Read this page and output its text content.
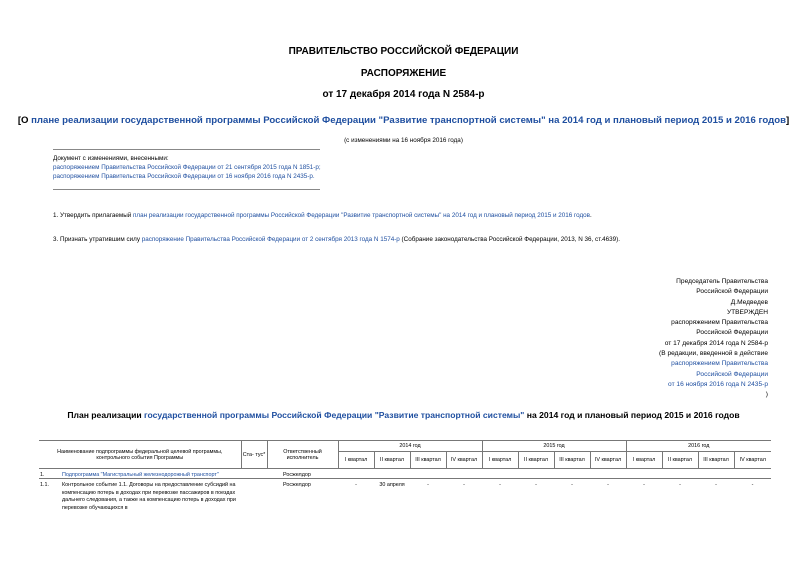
ПРАВИТЕЛЬСТВО РОССИЙСКОЙ ФЕДЕРАЦИИ
РАСПОРЯЖЕНИЕ
от 17 декабря 2014 года N 2584-р
[О плане реализации государственной программы Российской Федерации "Развитие транспортной системы" на 2014 год и плановый период 2015 и 2016 годов]
(с изменениями на 16 ноября 2016 года)
Документ с изменениями, внесенными:
распоряжением Правительства Российской Федерации от 21 сентября 2015 года N 1851-р;
распоряжением Правительства Российской Федерации от 16 ноября 2016 года N 2435-р.
1. Утвердить прилагаемый план реализации государственной программы Российской Федерации "Развитие транспортной системы" на 2014 год и плановый период 2015 и 2016 годов.
3. Признать утратившим силу распоряжение Правительства Российской Федерации от 2 сентября 2013 года N 1574-р (Собрание законодательства Российской Федерации, 2013, N 36, ст.4639).
Председатель Правительства
Российской Федерации
Д.Медведев
УТВЕРЖДЕН
распоряжением Правительства
Российской Федерации
от 17 декабря 2014 года N 2584-р
(В редакции, введенной в действие
распоряжением Правительства
Российской Федерации
от 16 ноября 2016 года N 2435-р
)
План реализации государственной программы Российской Федерации "Развитие транспортной системы" на 2014 год и плановый период 2015 и 2016 годов
Наименование подпрограммы федеральной целевой программы, контрольного события Программы		Ста- тус*	Ответственный исполнитель	2014 год				2015 год				2016 год			
				I квартал	II квартал	III квартал	IV квартал	I квартал	II квартал	III квартал	IV квартал	I квартал	II квартал	III квартал	IV квартал
1.	Подпрограмма "Магистральный железнодорожный транспорт"		Росжелдор												
1.1.	Контрольное событие 1.1. Договоры на предоставление субсидий на компенсацию потерь в доходах при перевозке пассажиров в поездах дальнего следования, а также на компенсацию потерь в доходах при перевозке обучающихся в		Росжелдор	-	30 апреля	-	-	-	-	-	-	-	-	-	-
